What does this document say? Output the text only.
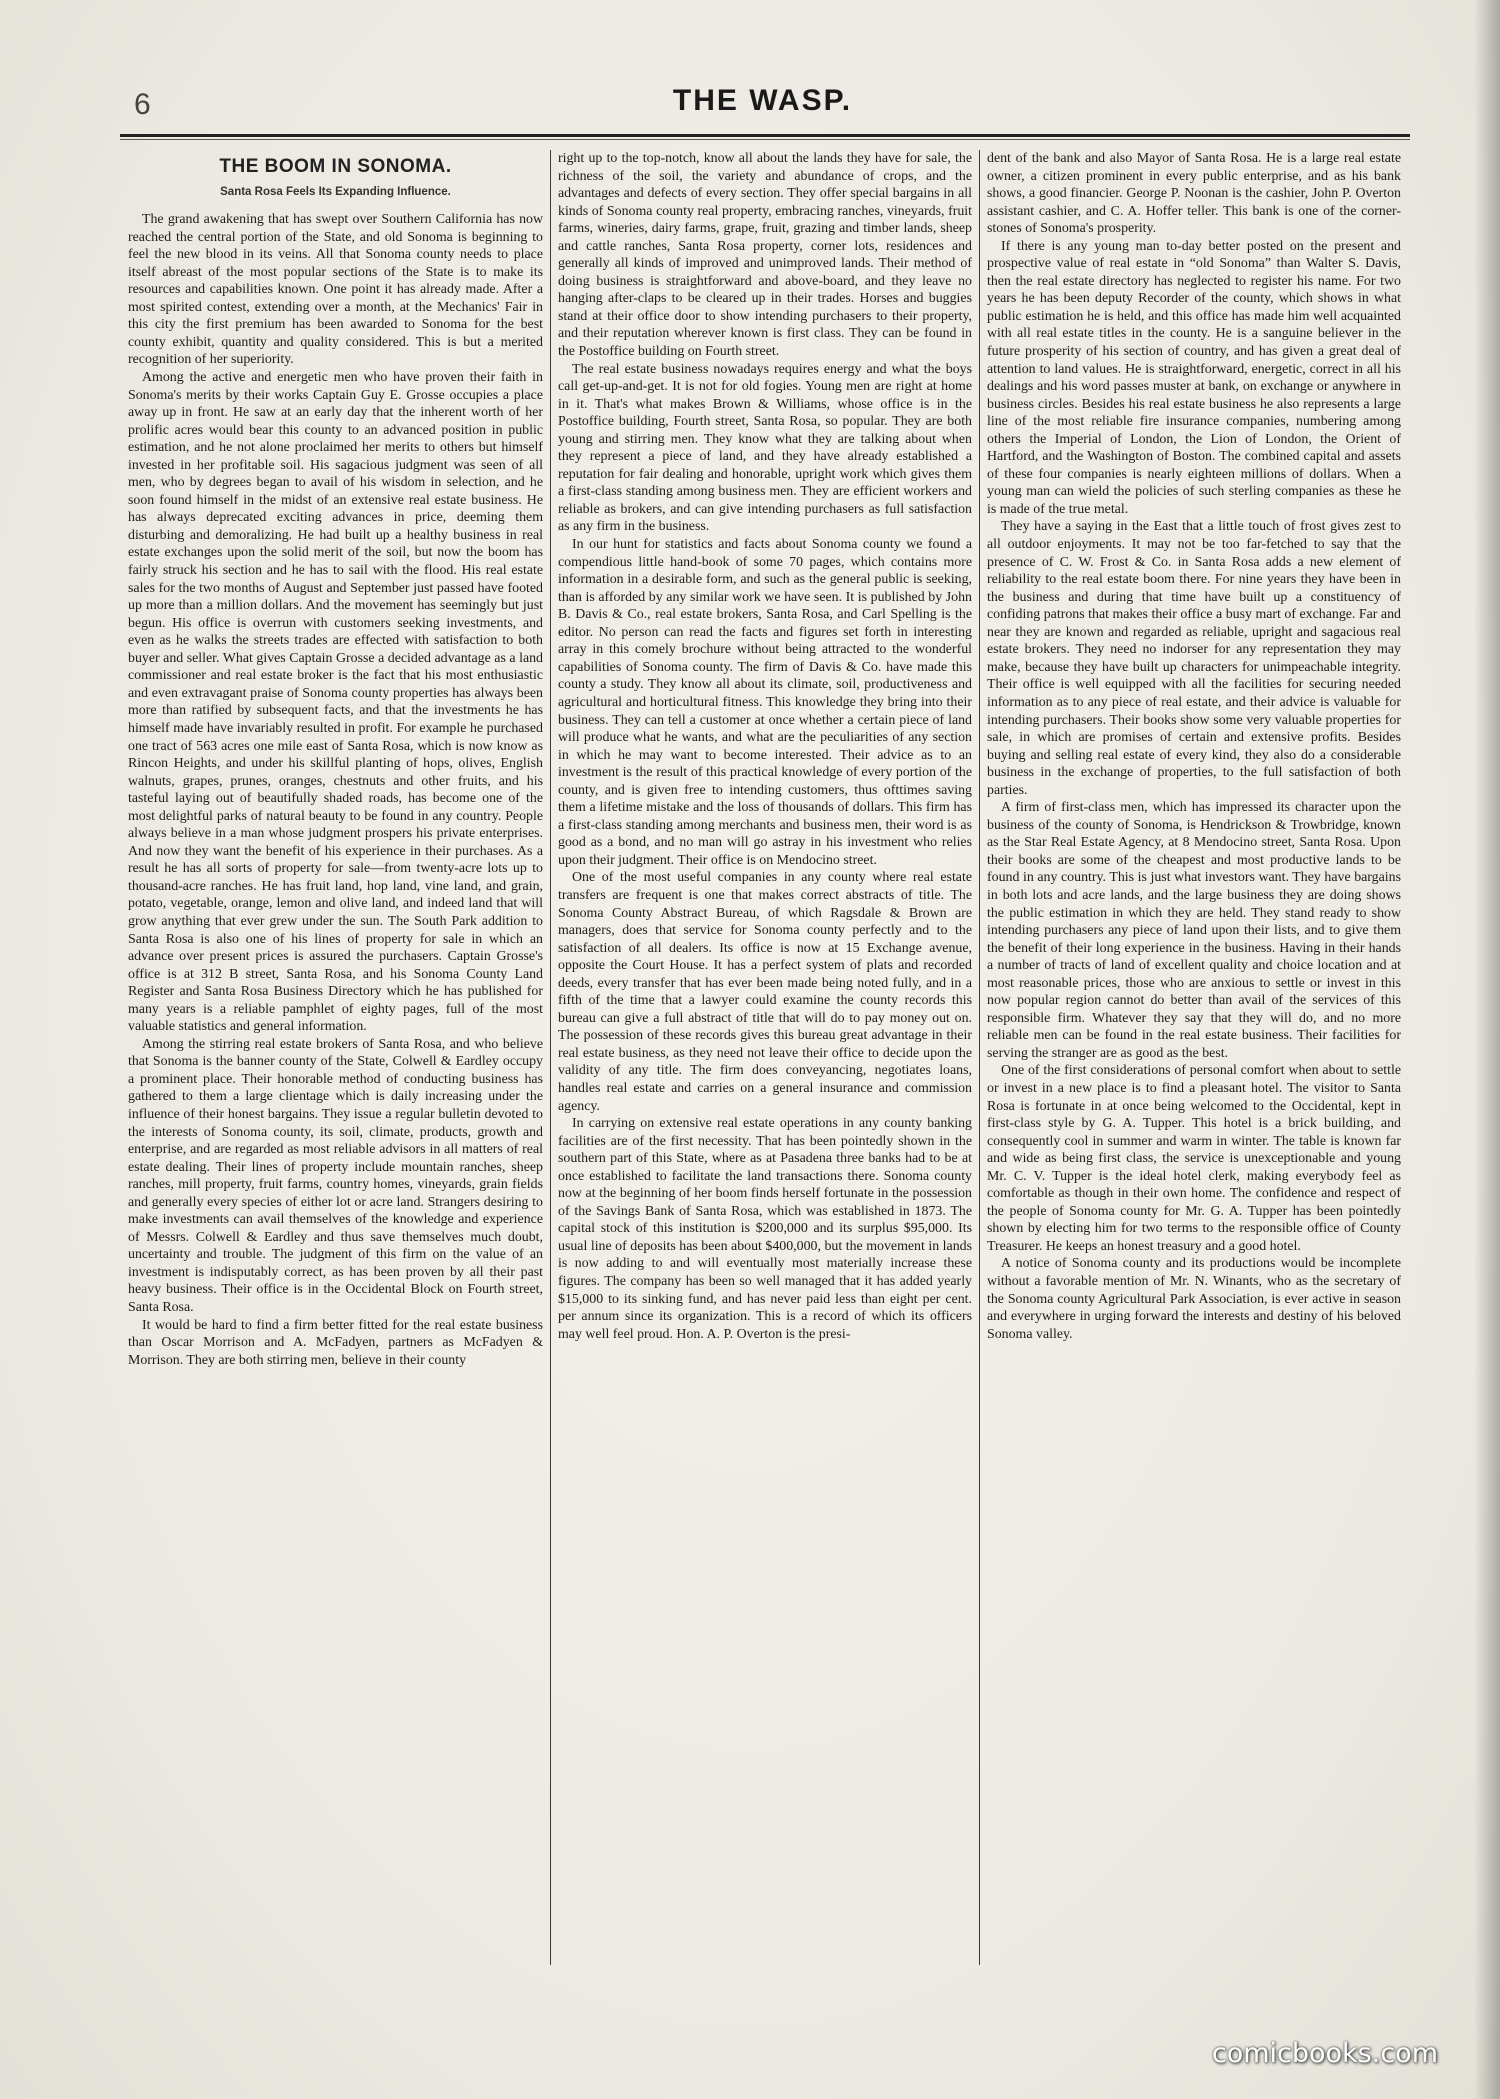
6	THE WASP.
THE BOOM IN SONOMA.
Santa Rosa Feels Its Expanding Influence.

The grand awakening that has swept over Southern California has now reached the central portion of the State, and old Sonoma is beginning to feel the new blood in its veins. All that Sonoma county needs to place itself abreast of the most popular sections of the State is to make its resources and capabilities known. One point it has already made. After a most spirited contest, extending over a month, at the Mechanics' Fair in this city the first premium has been awarded to Sonoma for the best county exhibit, quantity and quality considered. This is but a merited recognition of her superiority.

Among the active and energetic men who have proven their faith in Sonoma's merits by their works Captain Guy E. Grosse occupies a place away up in front. He saw at an early day that the inherent worth of her prolific acres would bear this county to an advanced position in public estimation, and he not alone proclaimed her merits to others but himself invested in her profitable soil. His sagacious judgment was seen of all men, who by degrees began to avail of his wisdom in selection, and he soon found himself in the midst of an extensive real estate business. He has always deprecated exciting advances in price, deeming them disturbing and demoralizing. He had built up a healthy business in real estate exchanges upon the solid merit of the soil, but now the boom has fairly struck his section and he has to sail with the flood. His real estate sales for the two months of August and September just passed have footed up more than a million dollars. And the movement has seemingly but just begun. His office is overrun with customers seeking investments, and even as he walks the streets trades are effected with satisfaction to both buyer and seller. What gives Captain Grosse a decided advantage as a land commissioner and real estate broker is the fact that his most enthusiastic and even extravagant praise of Sonoma county properties has always been more than ratified by subsequent facts, and that the investments he has himself made have invariably resulted in profit. For example he purchased one tract of 563 acres one mile east of Santa Rosa, which is now know as Rincon Heights, and under his skillful planting of hops, olives, English walnuts, grapes, prunes, oranges, chestnuts and other fruits, and his tasteful laying out of beautifully shaded roads, has become one of the most delightful parks of natural beauty to be found in any country. People always believe in a man whose judgment prospers his private enterprises. And now they want the benefit of his experience in their purchases. As a result he has all sorts of property for sale—from twenty-acre lots up to thousand-acre ranches. He has fruit land, hop land, vine land, and grain, potato, vegetable, orange, lemon and olive land, and indeed land that will grow anything that ever grew under the sun. The South Park addition to Santa Rosa is also one of his lines of property for sale in which an advance over present prices is assured the purchasers. Captain Grosse's office is at 312 B street, Santa Rosa, and his Sonoma County Land Register and Santa Rosa Business Directory which he has published for many years is a reliable pamphlet of eighty pages, full of the most valuable statistics and general information.

Among the stirring real estate brokers of Santa Rosa, and who believe that Sonoma is the banner county of the State, Colwell & Eardley occupy a prominent place. Their honorable method of conducting business has gathered to them a large clientage which is daily increasing under the influence of their honest bargains. They issue a regular bulletin devoted to the interests of Sonoma county, its soil, climate, products, growth and enterprise, and are regarded as most reliable advisors in all matters of real estate dealing. Their lines of property include mountain ranches, sheep ranches, mill property, fruit farms, country homes, vineyards, grain fields and generally every species of either lot or acre land. Strangers desiring to make investments can avail themselves of the knowledge and experience of Messrs. Colwell & Eardley and thus save themselves much doubt, uncertainty and trouble. The judgment of this firm on the value of an investment is indisputably correct, as has been proven by all their past heavy business. Their office is in the Occidental Block on Fourth street, Santa Rosa.

It would be hard to find a firm better fitted for the real estate business than Oscar Morrison and A. McFadyen, partners as McFadyen & Morrison. They are both stirring men, believe in their county

right up to the top-notch, know all about the lands they have for sale, the richness of the soil, the variety and abundance of crops, and the advantages and defects of every section. They offer special bargains in all kinds of Sonoma county real property, embracing ranches, vineyards, fruit farms, wineries, dairy farms, grape, fruit, grazing and timber lands, sheep and cattle ranches, Santa Rosa property, corner lots, residences and generally all kinds of improved and unimproved lands. Their method of doing business is straightforward and above-board, and they leave no hanging after-claps to be cleared up in their trades. Horses and buggies stand at their office door to show intending purchasers to their property, and their reputation wherever known is first class. They can be found in the Postoffice building on Fourth street.

The real estate business nowadays requires energy and what the boys call get-up-and-get. It is not for old fogies. Young men are right at home in it. That's what makes Brown & Williams, whose office is in the Postoffice building, Fourth street, Santa Rosa, so popular. They are both young and stirring men. They know what they are talking about when they represent a piece of land, and they have already established a reputation for fair dealing and honorable, upright work which gives them a first-class standing among business men. They are efficient workers and reliable as brokers, and can give intending purchasers as full satisfaction as any firm in the business.

In our hunt for statistics and facts about Sonoma county we found a compendious little hand-book of some 70 pages, which contains more information in a desirable form, and such as the general public is seeking, than is afforded by any similar work we have seen. It is published by John B. Davis & Co., real estate brokers, Santa Rosa, and Carl Spelling is the editor. No person can read the facts and figures set forth in interesting array in this comely brochure without being attracted to the wonderful capabilities of Sonoma county. The firm of Davis & Co. have made this county a study. They know all about its climate, soil, productiveness and agricultural and horticultural fitness. This knowledge they bring into their business. They can tell a customer at once whether a certain piece of land will produce what he wants, and what are the peculiarities of any section in which he may want to become interested. Their advice as to an investment is the result of this practical knowledge of every portion of the county, and is given free to intending customers, thus ofttimes saving them a lifetime mistake and the loss of thousands of dollars. This firm has a first-class standing among merchants and business men, their word is as good as a bond, and no man will go astray in his investment who relies upon their judgment. Their office is on Mendocino street.

One of the most useful companies in any county where real estate transfers are frequent is one that makes correct abstracts of title. The Sonoma County Abstract Bureau, of which Ragsdale & Brown are managers, does that service for Sonoma county perfectly and to the satisfaction of all dealers. Its office is now at 15 Exchange avenue, opposite the Court House. It has a perfect system of plats and recorded deeds, every transfer that has ever been made being noted fully, and in a fifth of the time that a lawyer could examine the county records this bureau can give a full abstract of title that will do to pay money out on. The possession of these records gives this bureau great advantage in their real estate business, as they need not leave their office to decide upon the validity of any title. The firm does conveyancing, negotiates loans, handles real estate and carries on a general insurance and commission agency.

In carrying on extensive real estate operations in any county banking facilities are of the first necessity. That has been pointedly shown in the southern part of this State, where as at Pasadena three banks had to be at once established to facilitate the land transactions there. Sonoma county now at the beginning of her boom finds herself fortunate in the possession of the Savings Bank of Santa Rosa, which was established in 1873. The capital stock of this institution is $200,000 and its surplus $95,000. Its usual line of deposits has been about $400,000, but the movement in lands is now adding to and will eventually most materially increase these figures. The company has been so well managed that it has added yearly $15,000 to its sinking fund, and has never paid less than eight per cent. per annum since its organization. This is a record of which its officers may well feel proud. Hon. A. P. Overton is the presi-

dent of the bank and also Mayor of Santa Rosa. He is a large real estate owner, a citizen prominent in every public enterprise, and as his bank shows, a good financier. George P. Noonan is the cashier, John P. Overton assistant cashier, and C. A. Hoffer teller. This bank is one of the corner-stones of Sonoma's prosperity.

If there is any young man to-day better posted on the present and prospective value of real estate in “old Sonoma” than Walter S. Davis, then the real estate directory has neglected to register his name. For two years he has been deputy Recorder of the county, which shows in what public estimation he is held, and this office has made him well acquainted with all real estate titles in the county. He is a sanguine believer in the future prosperity of his section of country, and has given a great deal of attention to land values. He is straightforward, energetic, correct in all his dealings and his word passes muster at bank, on exchange or anywhere in business circles. Besides his real estate business he also represents a large line of the most reliable fire insurance companies, numbering among others the Imperial of London, the Lion of London, the Orient of Hartford, and the Washington of Boston. The combined capital and assets of these four companies is nearly eighteen millions of dollars. When a young man can wield the policies of such sterling companies as these he is made of the true metal.

They have a saying in the East that a little touch of frost gives zest to all outdoor enjoyments. It may not be too far-fetched to say that the presence of C. W. Frost & Co. in Santa Rosa adds a new element of reliability to the real estate boom there. For nine years they have been in the business and during that time have built up a constituency of confiding patrons that makes their office a busy mart of exchange. Far and near they are known and regarded as reliable, upright and sagacious real estate brokers. They need no indorser for any representation they may make, because they have built up characters for unimpeachable integrity. Their office is well equipped with all the facilities for securing needed information as to any piece of real estate, and their advice is valuable for intending purchasers. Their books show some very valuable properties for sale, in which are promises of certain and extensive profits. Besides buying and selling real estate of every kind, they also do a considerable business in the exchange of properties, to the full satisfaction of both parties.

A firm of first-class men, which has impressed its character upon the business of the county of Sonoma, is Hendrickson & Trowbridge, known as the Star Real Estate Agency, at 8 Mendocino street, Santa Rosa. Upon their books are some of the cheapest and most productive lands to be found in any country. This is just what investors want. They have bargains in both lots and acre lands, and the large business they are doing shows the public estimation in which they are held. They stand ready to show intending purchasers any piece of land upon their lists, and to give them the benefit of their long experience in the business. Having in their hands a number of tracts of land of excellent quality and choice location and at most reasonable prices, those who are anxious to settle or invest in this now popular region cannot do better than avail of the services of this responsible firm. Whatever they say that they will do, and no more reliable men can be found in the real estate business. Their facilities for serving the stranger are as good as the best.

One of the first considerations of personal comfort when about to settle or invest in a new place is to find a pleasant hotel. The visitor to Santa Rosa is fortunate in at once being welcomed to the Occidental, kept in first-class style by G. A. Tupper. This hotel is a brick building, and consequently cool in summer and warm in winter. The table is known far and wide as being first class, the service is unexceptionable and young Mr. C. V. Tupper is the ideal hotel clerk, making everybody feel as comfortable as though in their own home. The confidence and respect of the people of Sonoma county for Mr. G. A. Tupper has been pointedly shown by electing him for two terms to the responsible office of County Treasurer. He keeps an honest treasury and a good hotel.

A notice of Sonoma county and its productions would be incomplete without a favorable mention of Mr. N. Winants, who as the secretary of the Sonoma county Agricultural Park Association, is ever active in season and everywhere in urging forward the interests and destiny of his beloved Sonoma valley.

comicbooks.com
